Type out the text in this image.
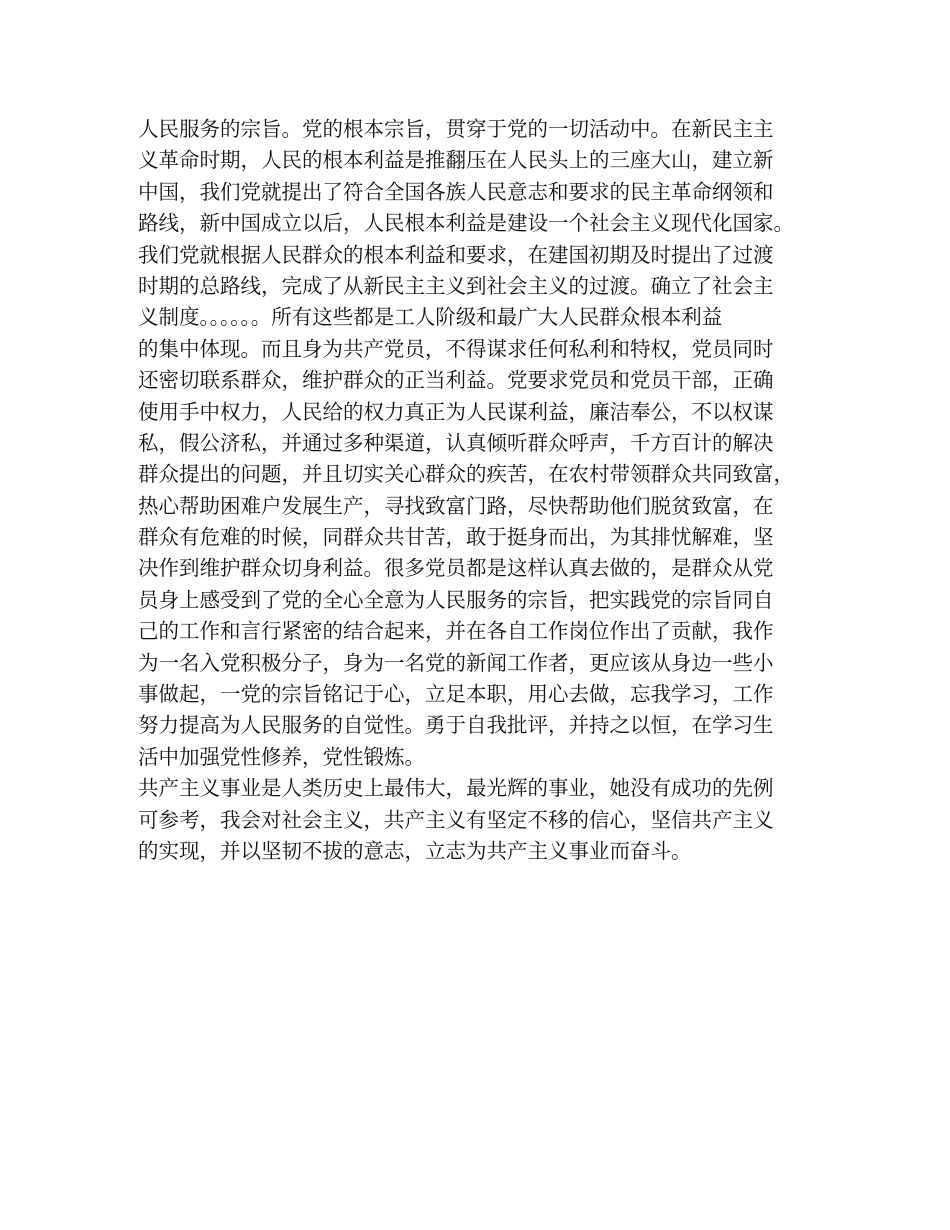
人民服务的宗旨。党的根本宗旨，贯穿于党的一切活动中。在新民主主
义革命时期，人民的根本利益是推翻压在人民头上的三座大山，建立新
中国，我们党就提出了符合全国各族人民意志和要求的民主革命纲领和
路线，新中国成立以后，人民根本利益是建设一个社会主义现代化国家。
我们党就根据人民群众的根本利益和要求，在建国初期及时提出了过渡
时期的总路线，完成了从新民主主义到社会主义的过渡。确立了社会主
义制度。。。。。。所有这些都是工人阶级和最广大人民群众根本利益
的集中体现。而且身为共产党员，不得谋求任何私利和特权，党员同时
还密切联系群众，维护群众的正当利益。党要求党员和党员干部，正确
使用手中权力，人民给的权力真正为人民谋利益，廉洁奉公，不以权谋
私，假公济私，并通过多种渠道，认真倾听群众呼声，千方百计的解决
群众提出的问题，并且切实关心群众的疾苦，在农村带领群众共同致富，
热心帮助困难户发展生产，寻找致富门路，尽快帮助他们脱贫致富，在
群众有危难的时候，同群众共甘苦，敢于挺身而出，为其排忧解难，坚
决作到维护群众切身利益。很多党员都是这样认真去做的，是群众从党
员身上感受到了党的全心全意为人民服务的宗旨，把实践党的宗旨同自
己的工作和言行紧密的结合起来，并在各自工作岗位作出了贡献，我作
为一名入党积极分子，身为一名党的新闻工作者，更应该从身边一些小
事做起，一党的宗旨铭记于心，立足本职，用心去做，忘我学习，工作
努力提高为人民服务的自觉性。勇于自我批评，并持之以恒，在学习生
活中加强党性修养，党性锻炼。
共产主义事业是人类历史上最伟大，最光辉的事业，她没有成功的先例
可参考，我会对社会主义，共产主义有坚定不移的信心，坚信共产主义
的实现，并以坚韧不拔的意志，立志为共产主义事业而奋斗。
